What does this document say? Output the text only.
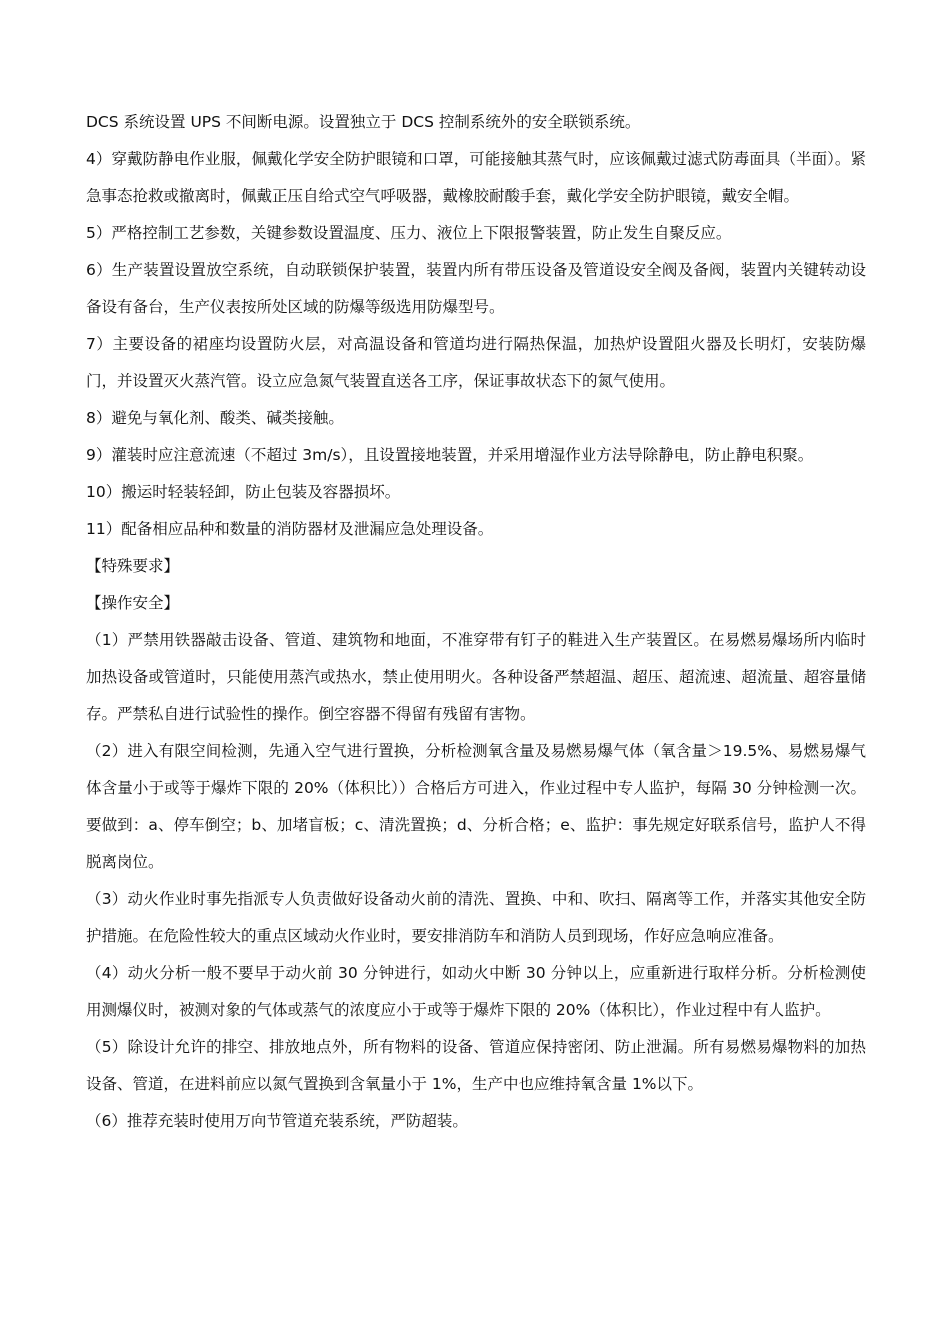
DCS 系统设置 UPS 不间断电源。设置独立于 DCS 控制系统外的安全联锁系统。

4）穿戴防静电作业服，佩戴化学安全防护眼镜和口罩，可能接触其蒸气时，应该佩戴过滤式防毒面具（半面）。紧急事态抢救或撤离时，佩戴正压自给式空气呼吸器，戴橡胶耐酸手套，戴化学安全防护眼镜，戴安全帽。

5）严格控制工艺参数，关键参数设置温度、压力、液位上下限报警装置，防止发生自聚反应。

6）生产装置设置放空系统，自动联锁保护装置，装置内所有带压设备及管道设安全阀及备阀，装置内关键转动设备设有备台，生产仪表按所处区域的防爆等级选用防爆型号。

7）主要设备的裙座均设置防火层，对高温设备和管道均进行隔热保温，加热炉设置阻火器及长明灯，安装防爆门，并设置灭火蒸汽管。设立应急氮气装置直送各工序，保证事故状态下的氮气使用。

8）避免与氧化剂、酸类、碱类接触。

9）灌装时应注意流速（不超过 3m/s），且设置接地装置，并采用增湿作业方法导除静电，防止静电积聚。

10）搬运时轻装轻卸，防止包装及容器损坏。

11）配备相应品种和数量的消防器材及泄漏应急处理设备。

【特殊要求】

【操作安全】

（1）严禁用铁器敲击设备、管道、建筑物和地面，不准穿带有钉子的鞋进入生产装置区。在易燃易爆场所内临时加热设备或管道时，只能使用蒸汽或热水，禁止使用明火。各种设备严禁超温、超压、超流速、超流量、超容量储存。严禁私自进行试验性的操作。倒空容器不得留有残留有害物。

（2）进入有限空间检测，先通入空气进行置换，分析检测氧含量及易燃易爆气体（氧含量＞19.5%、易燃易爆气体含量小于或等于爆炸下限的 20%（体积比））合格后方可进入，作业过程中专人监护，每隔 30 分钟检测一次。要做到：a、停车倒空；b、加堵盲板；c、清洗置换；d、分析合格；e、监护：事先规定好联系信号，监护人不得脱离岗位。

（3）动火作业时事先指派专人负责做好设备动火前的清洗、置换、中和、吹扫、隔离等工作，并落实其他安全防护措施。在危险性较大的重点区域动火作业时，要安排消防车和消防人员到现场，作好应急响应准备。

（4）动火分析一般不要早于动火前 30 分钟进行，如动火中断 30 分钟以上，应重新进行取样分析。分析检测使用测爆仪时，被测对象的气体或蒸气的浓度应小于或等于爆炸下限的 20%（体积比），作业过程中有人监护。

（5）除设计允许的排空、排放地点外，所有物料的设备、管道应保持密闭、防止泄漏。所有易燃易爆物料的加热设备、管道，在进料前应以氮气置换到含氧量小于 1%，生产中也应维持氧含量 1%以下。

（6）推荐充装时使用万向节管道充装系统，严防超装。
